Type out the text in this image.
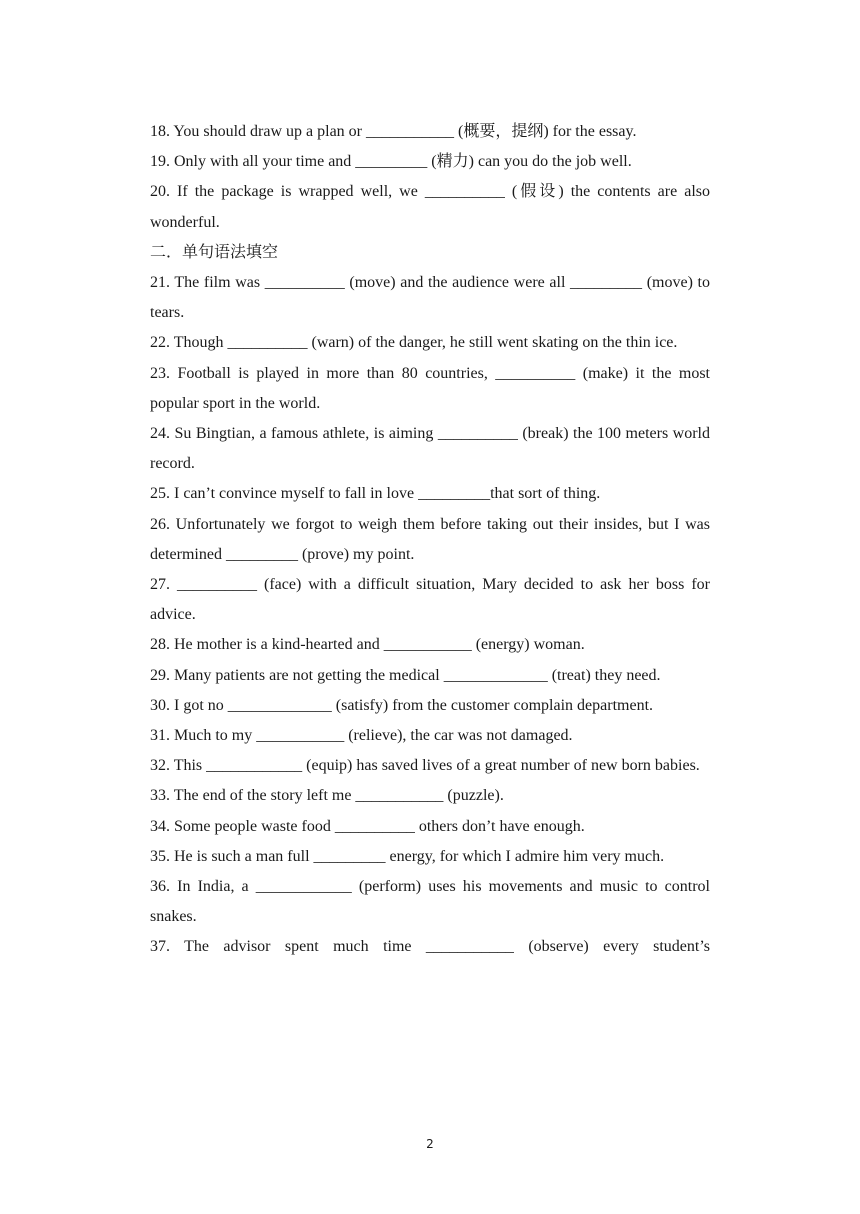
18. You should draw up a plan or ___________ (概要，提纲) for the essay.

19. Only with all your time and _________ (精力) can you do the job well.

20. If the package is wrapped well, we __________ (假设) the contents are also wonderful.

二．单句语法填空

21. The film was __________ (move) and the audience were all _________ (move) to tears.

22. Though __________ (warn) of the danger, he still went skating on the thin ice.

23. Football is played in more than 80 countries, __________ (make) it the most popular sport in the world.

24. Su Bingtian, a famous athlete, is aiming __________ (break) the 100 meters world record.

25. I can’t convince myself to fall in love _________that sort of thing.

26. Unfortunately we forgot to weigh them before taking out their insides, but I was determined _________ (prove) my point.

27. __________ (face) with a difficult situation, Mary decided to ask her boss for advice.

28. He mother is a kind-hearted and ___________ (energy) woman.

29. Many patients are not getting the medical _____________ (treat) they need.

30. I got no _____________ (satisfy) from the customer complain department.

31. Much to my ___________ (relieve), the car was not damaged.

32. This ____________ (equip) has saved lives of a great number of new born babies.

33. The end of the story left me ___________ (puzzle).

34. Some people waste food __________ others don’t have enough.

35. He is such a man full _________ energy, for which I admire him very much.

36. In India, a ____________ (perform) uses his movements and music to control snakes.

37. The advisor spent much time ___________ (observe) every student’s

2
